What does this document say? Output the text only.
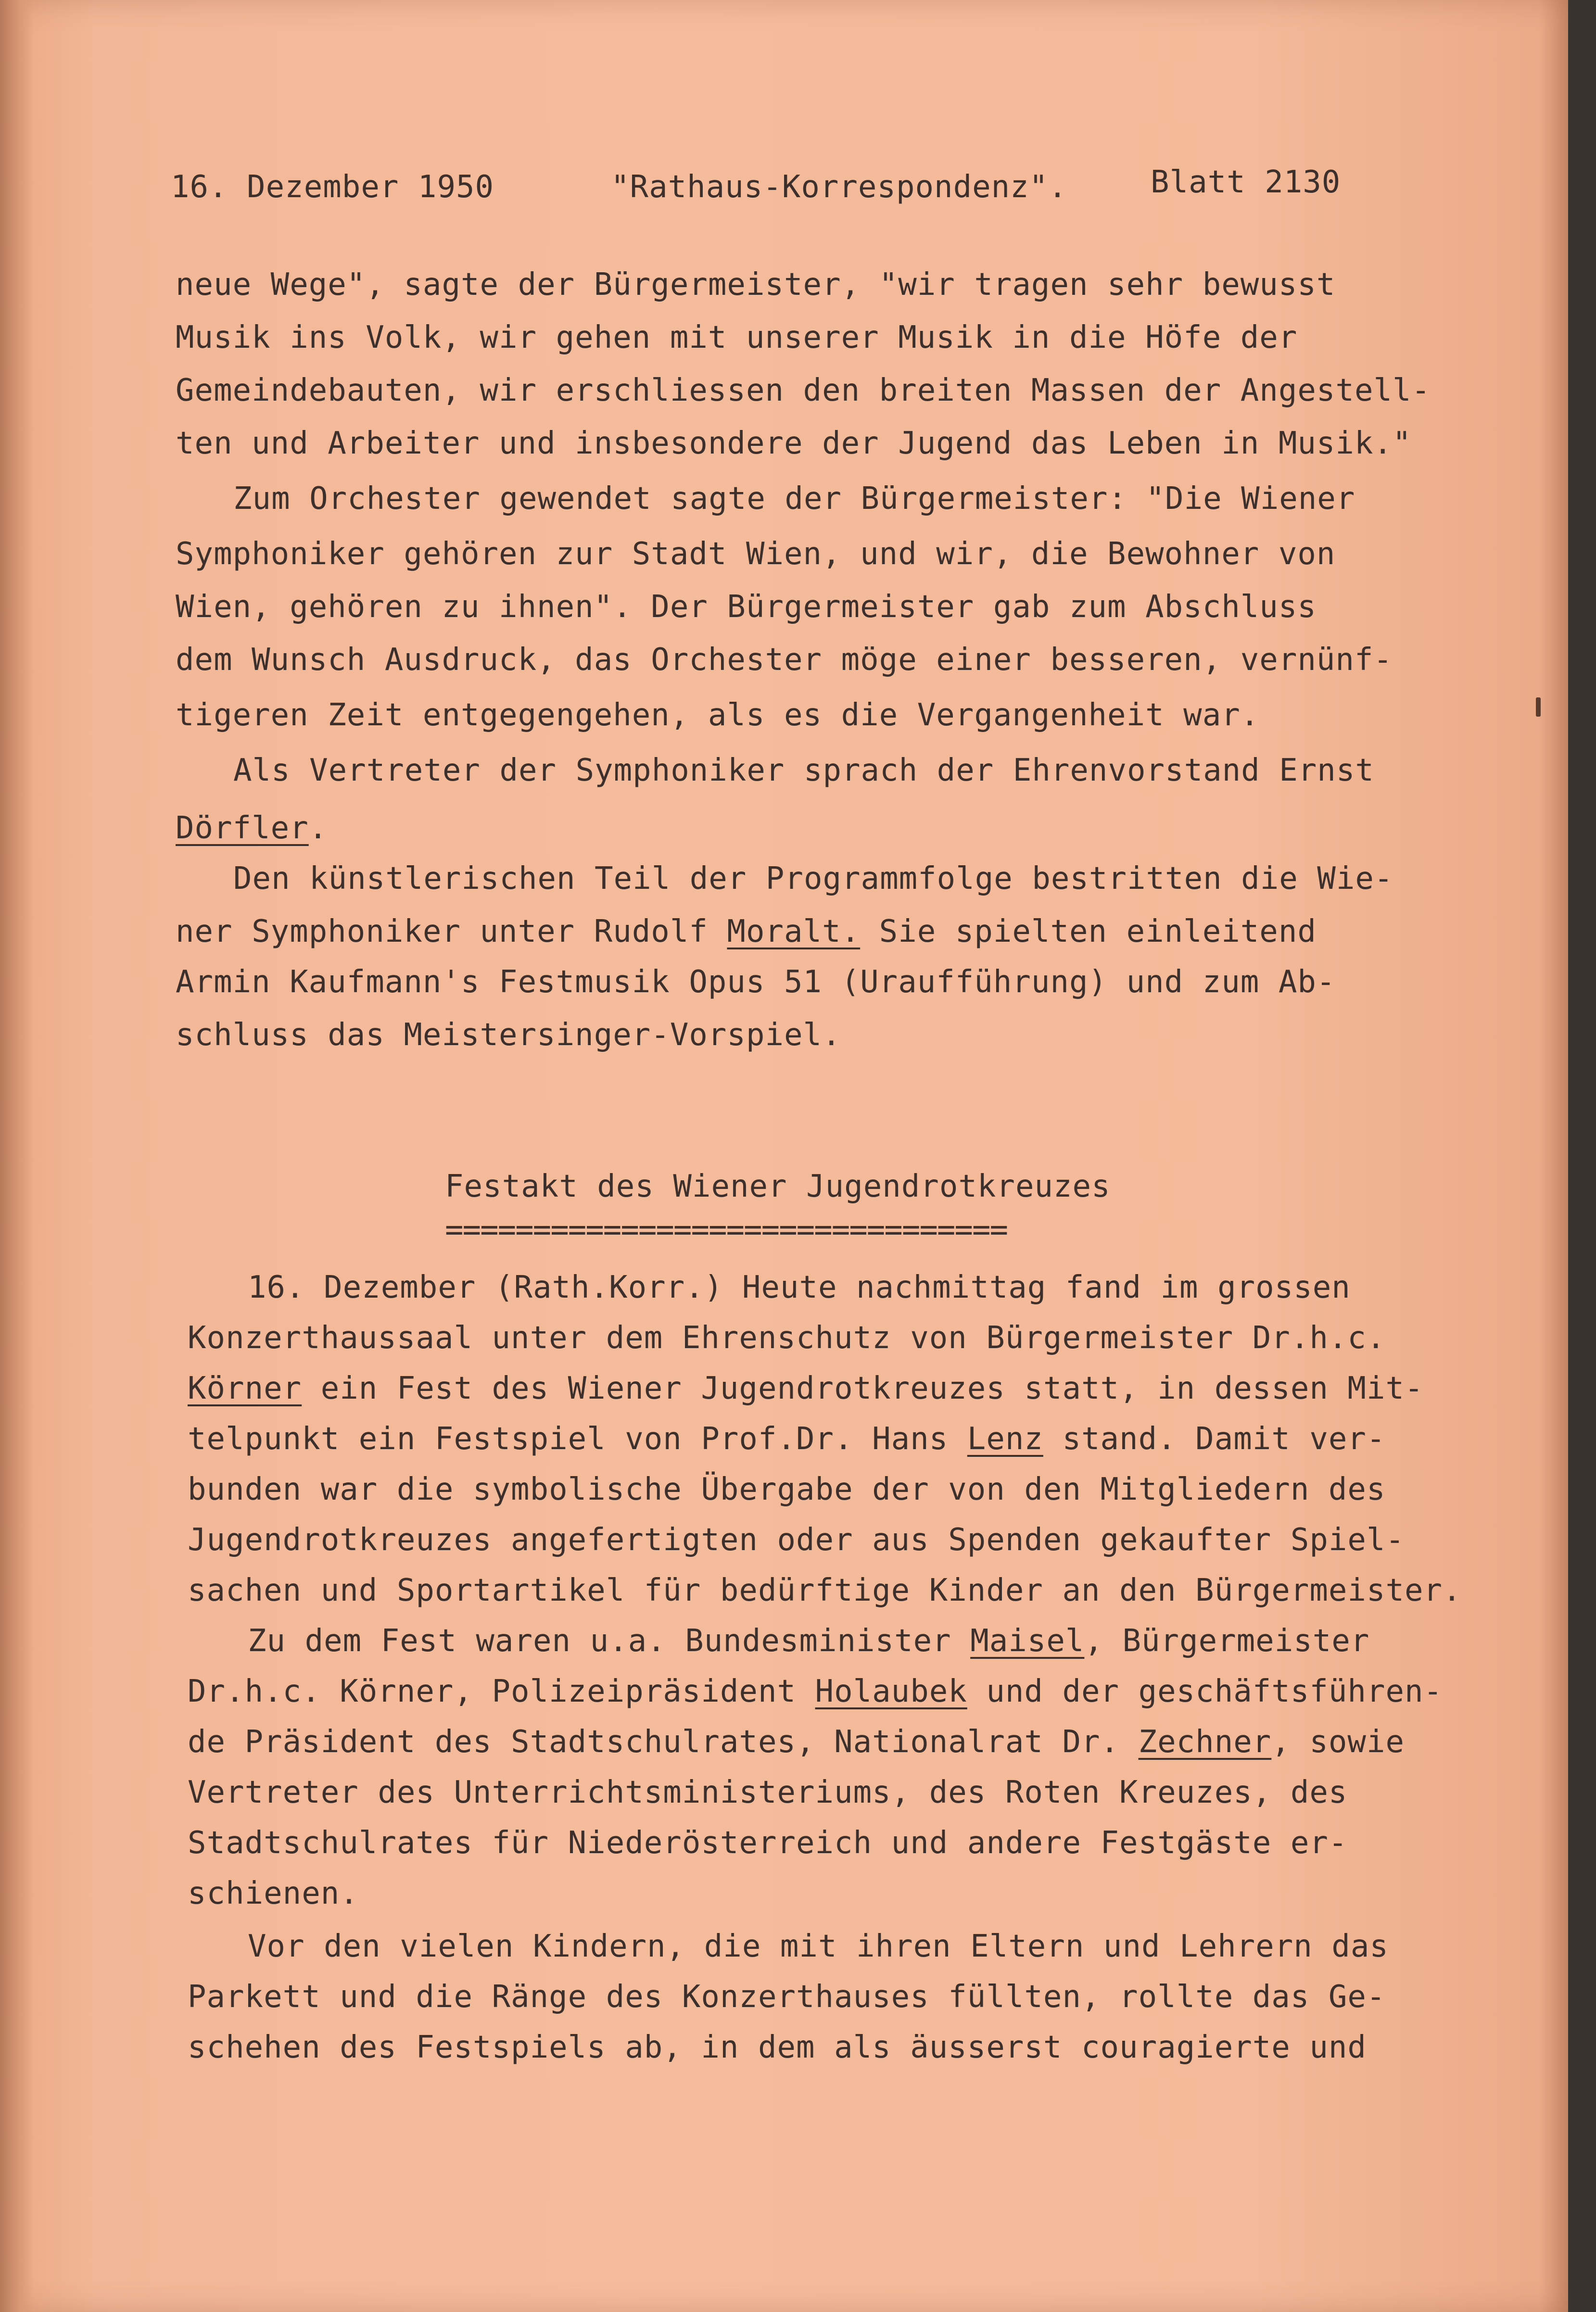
16. Dezember 1950	"Rathaus-Korrespondenz".	Blatt 2130
neue Wege", sagte der Bürgermeister, "wir tragen sehr bewusst
Musik ins Volk, wir gehen mit unserer Musik in die Höfe der
Gemeindebauten, wir erschliessen den breiten Massen der Angestell-
ten und Arbeiter und insbesondere der Jugend das Leben in Musik."
Zum Orchester gewendet sagte der Bürgermeister: "Die Wiener
Symphoniker gehören zur Stadt Wien, und wir, die Bewohner von
Wien, gehören zu ihnen". Der Bürgermeister gab zum Abschluss
dem Wunsch Ausdruck, das Orchester möge einer besseren, vernünf-
tigeren Zeit entgegengehen, als es die Vergangenheit war.
Als Vertreter der Symphoniker sprach der Ehrenvorstand Ernst
Dörfler.
Den künstlerischen Teil der Programmfolge bestritten die Wie-
ner Symphoniker unter Rudolf Moralt. Sie spielten einleitend
Armin Kaufmann's Festmusik Opus 51 (Uraufführung) und zum Ab-
schluss das Meistersinger-Vorspiel.
Festakt des Wiener Jugendrotkreuzes
================================
16. Dezember (Rath.Korr.) Heute nachmittag fand im grossen
Konzerthaussaal unter dem Ehrenschutz von Bürgermeister Dr.h.c.
Körner ein Fest des Wiener Jugendrotkreuzes statt, in dessen Mit-
telpunkt ein Festspiel von Prof.Dr. Hans Lenz stand. Damit ver-
bunden war die symbolische Übergabe der von den Mitgliedern des
Jugendrotkreuzes angefertigten oder aus Spenden gekaufter Spiel-
sachen und Sportartikel für bedürftige Kinder an den Bürgermeister.
Zu dem Fest waren u.a. Bundesminister Maisel, Bürgermeister
Dr.h.c. Körner, Polizeipräsident Holaubek und der geschäftsführen-
de Präsident des Stadtschulrates, Nationalrat Dr. Zechner, sowie
Vertreter des Unterrichtsministeriums, des Roten Kreuzes, des
Stadtschulrates für Niederösterreich und andere Festgäste er-
schienen.
Vor den vielen Kindern, die mit ihren Eltern und Lehrern das
Parkett und die Ränge des Konzerthauses füllten, rollte das Ge-
schehen des Festspiels ab, in dem als äusserst couragierte und
